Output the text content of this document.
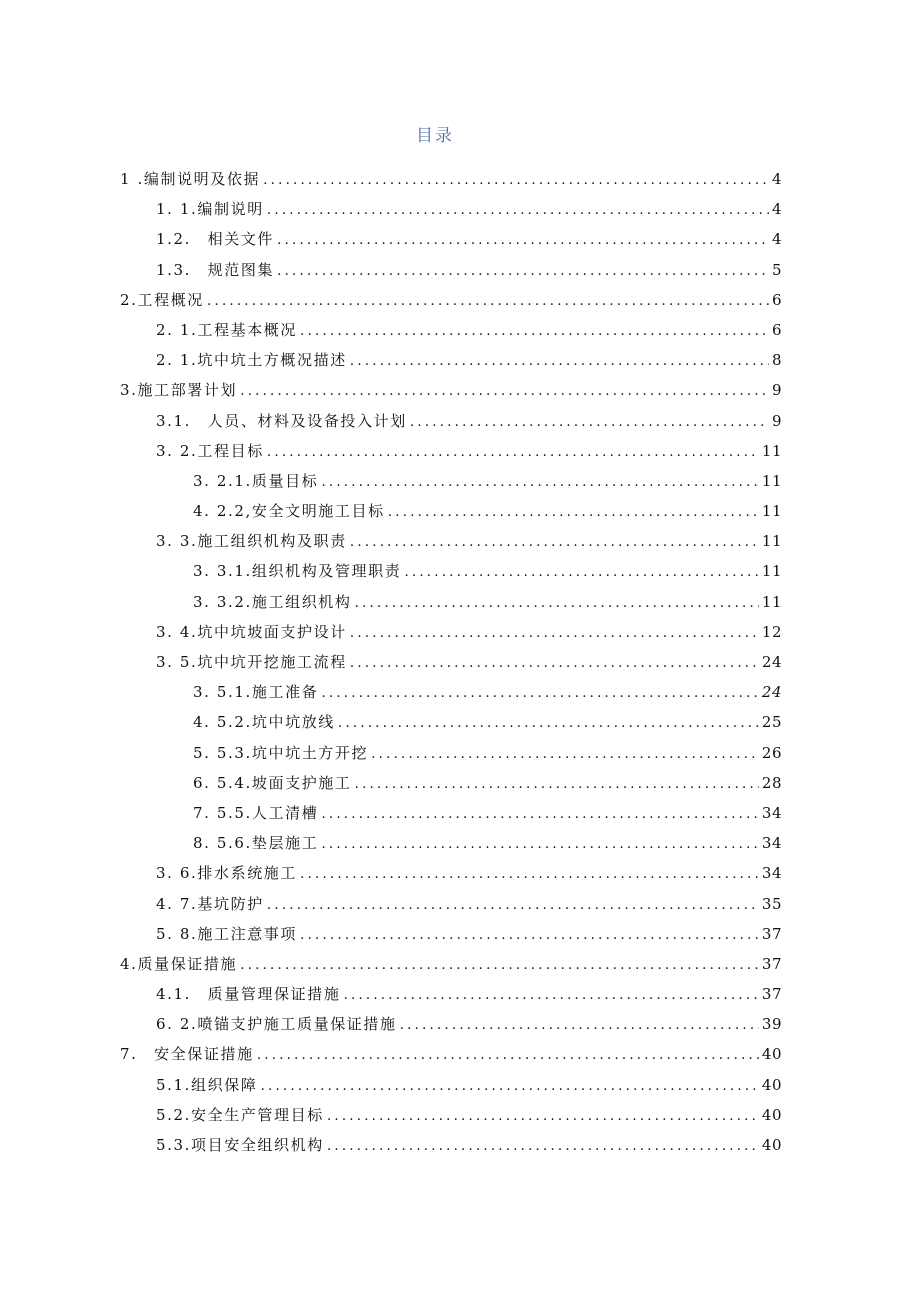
目录
1 .编制说明及依据 .....	4
1. 1.编制说明 .....	4
1.2.　相关文件 .....	4
1.3.　规范图集 .....	5
2.工程概况 .....	6
2. 1.工程基本概况 .....	6
2. 1.坑中坑土方概况描述 .....	8
3.施工部署计划 .....	9
3.1.　人员、材料及设备投入计划 .....	9
3. 2.工程目标 .....	11
3. 2.1.质量目标 .....	11
4. 2.2,安全文明施工目标 .....	11
3. 3.施工组织机构及职责 .....	11
3. 3.1.组织机构及管理职责 .....	11
3. 3.2.施工组织机构 .....	11
3. 4.坑中坑坡面支护设计 .....	12
3. 5.坑中坑开挖施工流程 .....	24
3. 5.1.施工准备 .....	24
4. 5.2.坑中坑放线 .....	25
5. 5.3.坑中坑土方开挖 .....	26
6. 5.4.坡面支护施工 .....	28
7. 5.5.人工清槽 .....	34
8. 5.6.垫层施工 .....	34
3. 6.排水系统施工 .....	34
4. 7.基坑防护 .....	35
5. 8.施工注意事项 .....	37
4.质量保证措施 .....	37
4.1.　质量管理保证措施 .....	37
6. 2.喷锚支护施工质量保证措施 .....	39
7.　安全保证措施 .....	40
5.1.组织保障 .....	40
5.2.安全生产管理目标 .....	40
5.3.项目安全组织机构 .....	40
